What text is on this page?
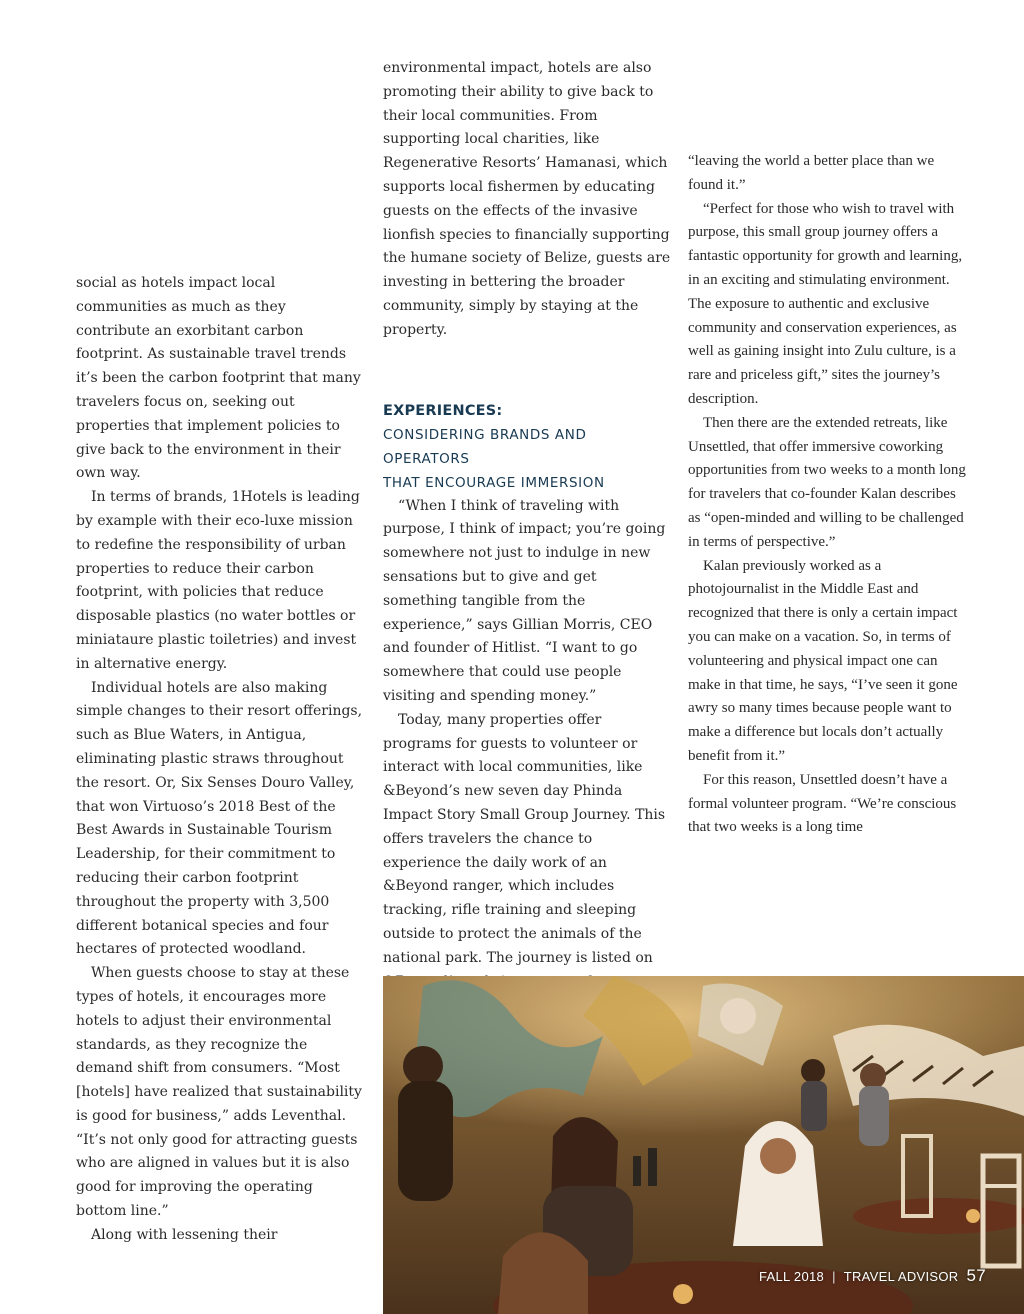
social as hotels impact local communities as much as they contribute an exorbitant carbon footprint. As sustainable travel trends it’s been the carbon footprint that many travelers focus on, seeking out properties that implement policies to give back to the environment in their own way.

In terms of brands, 1Hotels is leading by example with their eco-luxe mission to redefine the responsibility of urban properties to reduce their carbon footprint, with policies that reduce disposable plastics (no water bottles or miniataure plastic toiletries) and invest in alternative energy.

Individual hotels are also making simple changes to their resort offerings, such as Blue Waters, in Antigua, eliminating plastic straws throughout the resort. Or, Six Senses Douro Valley, that won Virtuoso’s 2018 Best of the Best Awards in Sustainable Tourism Leadership, for their commitment to reducing their carbon footprint throughout the property with 3,500 different botanical species and four hectares of protected woodland.

When guests choose to stay at these types of hotels, it encourages more hotels to adjust their environmental standards, as they recognize the demand shift from consumers. “Most [hotels] have realized that sustainability is good for business,” adds Leventhal. “It’s not only good for attracting guests who are aligned in values but it is also good for improving the operating bottom line.”

Along with lessening their

environmental impact, hotels are also promoting their ability to give back to their local communities. From supporting local charities, like Regenerative Resorts’ Hamanasi, which supports local fishermen by educating guests on the effects of the invasive lionfish species to financially supporting the humane society of Belize, guests are investing in bettering the broader community, simply by staying at the property.

EXPERIENCES:
CONSIDERING BRANDS AND OPERATORS
THAT ENCOURAGE IMMERSION

“When I think of traveling with purpose, I think of impact; you’re going somewhere not just to indulge in new sensations but to give and get something tangible from the experience,” says Gillian Morris, CEO and founder of Hitlist. “I want to go somewhere that could use people visiting and spending money.”

Today, many properties offer programs for guests to volunteer or interact with local communities, like &Beyond’s new seven day Phinda Impact Story Small Group Journey. This offers travelers the chance to experience the daily work of an &Beyond ranger, which includes tracking, rifle training and sleeping outside to protect the animals of the national park. The journey is listed on

“leaving the world a better place than we found it.”

“Perfect for those who wish to travel with purpose, this small group journey offers a fantastic opportunity for growth and learning, in an exciting and stimulating environment. The exposure to authentic and exclusive community and conservation experiences, as well as gaining insight into Zulu culture, is a rare and priceless gift,” sites the journey’s description.

Then there are the extended retreats, like Unsettled, that offer immersive coworking opportunities from two weeks to a month long for travelers that co-founder Kalan describes as “open-minded and willing to be challenged in terms of perspective.”

Kalan previously worked as a photojournalist in the Middle East and recognized that there is only a certain impact you can make on a vacation. So, in terms of volunteering and physical impact one can make in that time, he says, “I’ve seen it gone awry so many times because people want to make a difference but locals don’t actually benefit from it.”

For this reason, Unsettled doesn’t have a formal volunteer program. “We’re conscious that two weeks is a long time

FALL 2018 | TRAVEL ADVISOR 57
